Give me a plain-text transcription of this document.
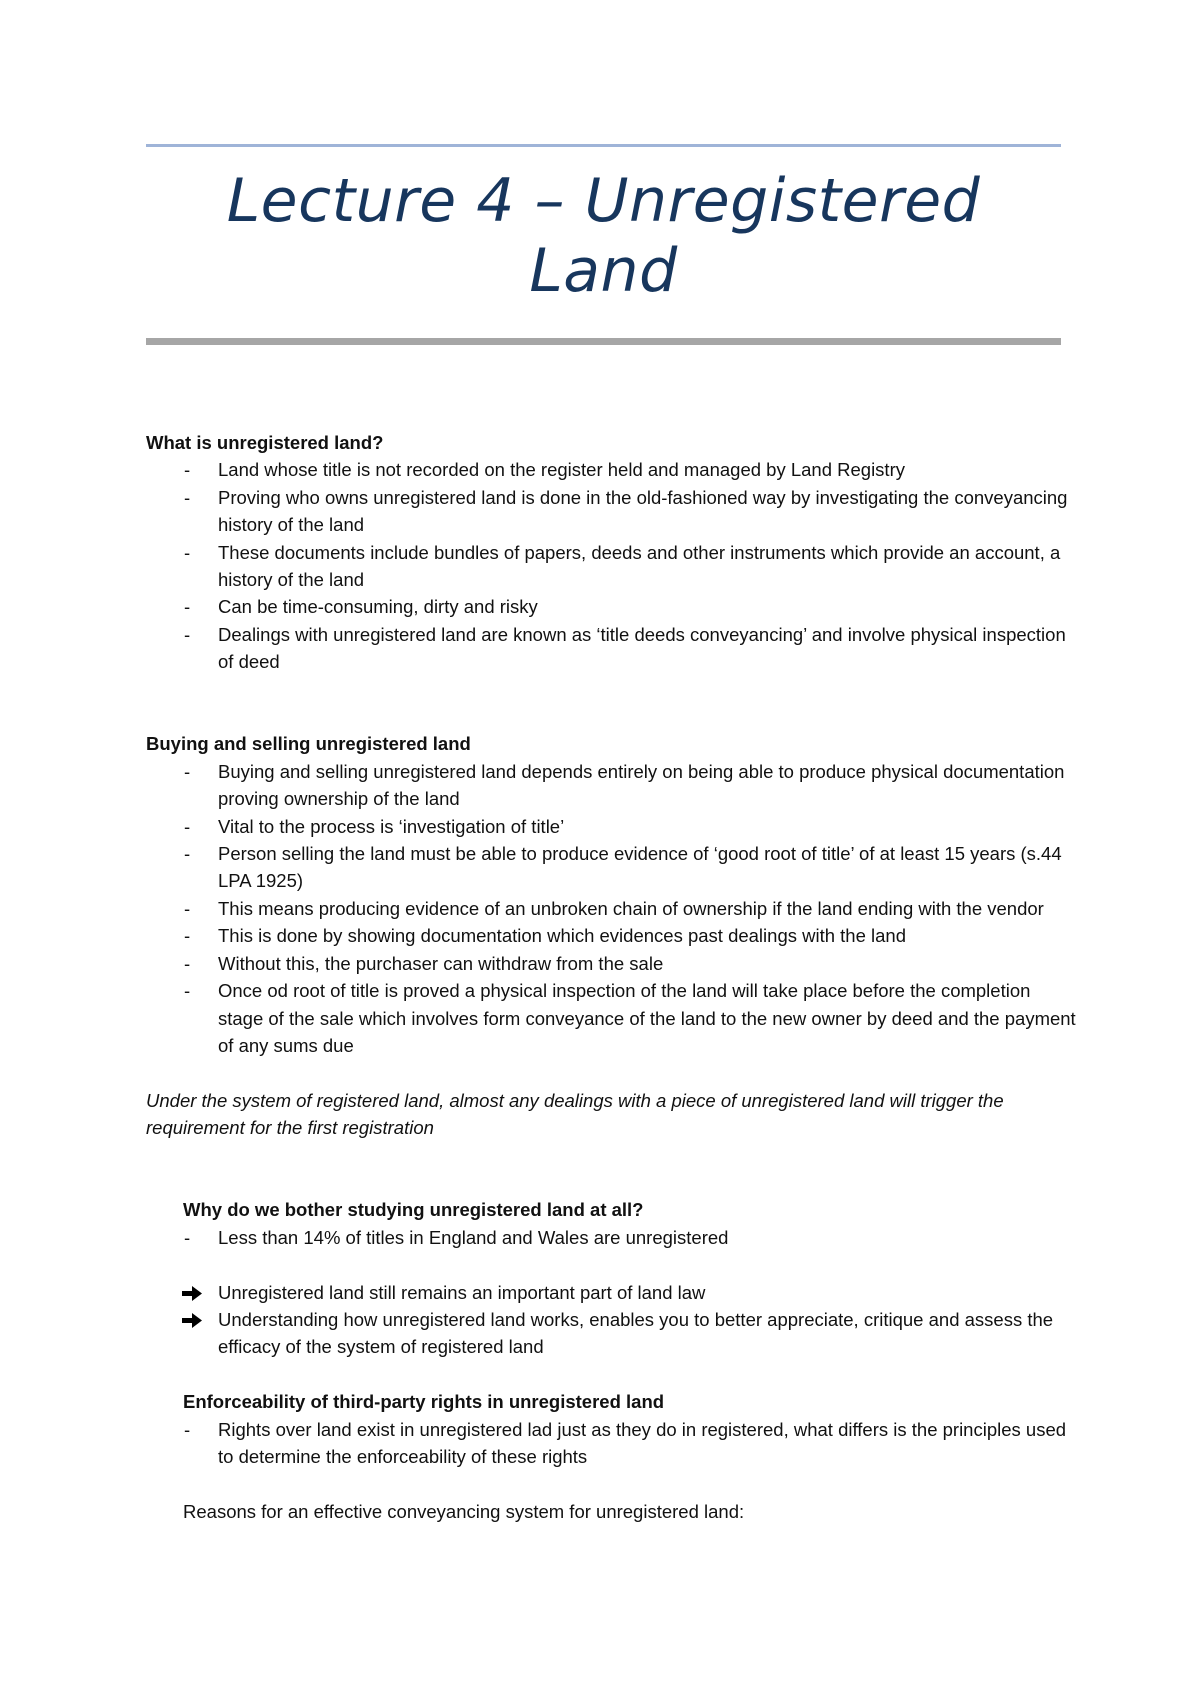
Lecture 4 – Unregistered Land

What is unregistered land?

- Land whose title is not recorded on the register held and managed by Land Registry
- Proving who owns unregistered land is done in the old-fashioned way by investigating the conveyancing history of the land
- These documents include bundles of papers, deeds and other instruments which provide an account, a history of the land
- Can be time-consuming, dirty and risky
- Dealings with unregistered land are known as ‘title deeds conveyancing’ and involve physical inspection of deed

Buying and selling unregistered land

- Buying and selling unregistered land depends entirely on being able to produce physical documentation proving ownership of the land
- Vital to the process is ‘investigation of title’
- Person selling the land must be able to produce evidence of ‘good root of title’ of at least 15 years (s.44 LPA 1925)
- This means producing evidence of an unbroken chain of ownership if the land ending with the vendor
- This is done by showing documentation which evidences past dealings with the land
- Without this, the purchaser can withdraw from the sale
- Once od root of title is proved a physical inspection of the land will take place before the completion stage of the sale which involves form conveyance of the land to the new owner by deed and the payment of any sums due

Under the system of registered land, almost any dealings with a piece of unregistered land will trigger the requirement for the first registration

Why do we bother studying unregistered land at all?

- Less than 14% of titles in England and Wales are unregistered
Unregistered land still remains an important part of land law
Understanding how unregistered land works, enables you to better appreciate, critique and assess the efficacy of the system of registered land

Enforceability of third-party rights in unregistered land

- Rights over land exist in unregistered lad just as they do in registered, what differs is the principles used to determine the enforceability of these rights

Reasons for an effective conveyancing system for unregistered land:
